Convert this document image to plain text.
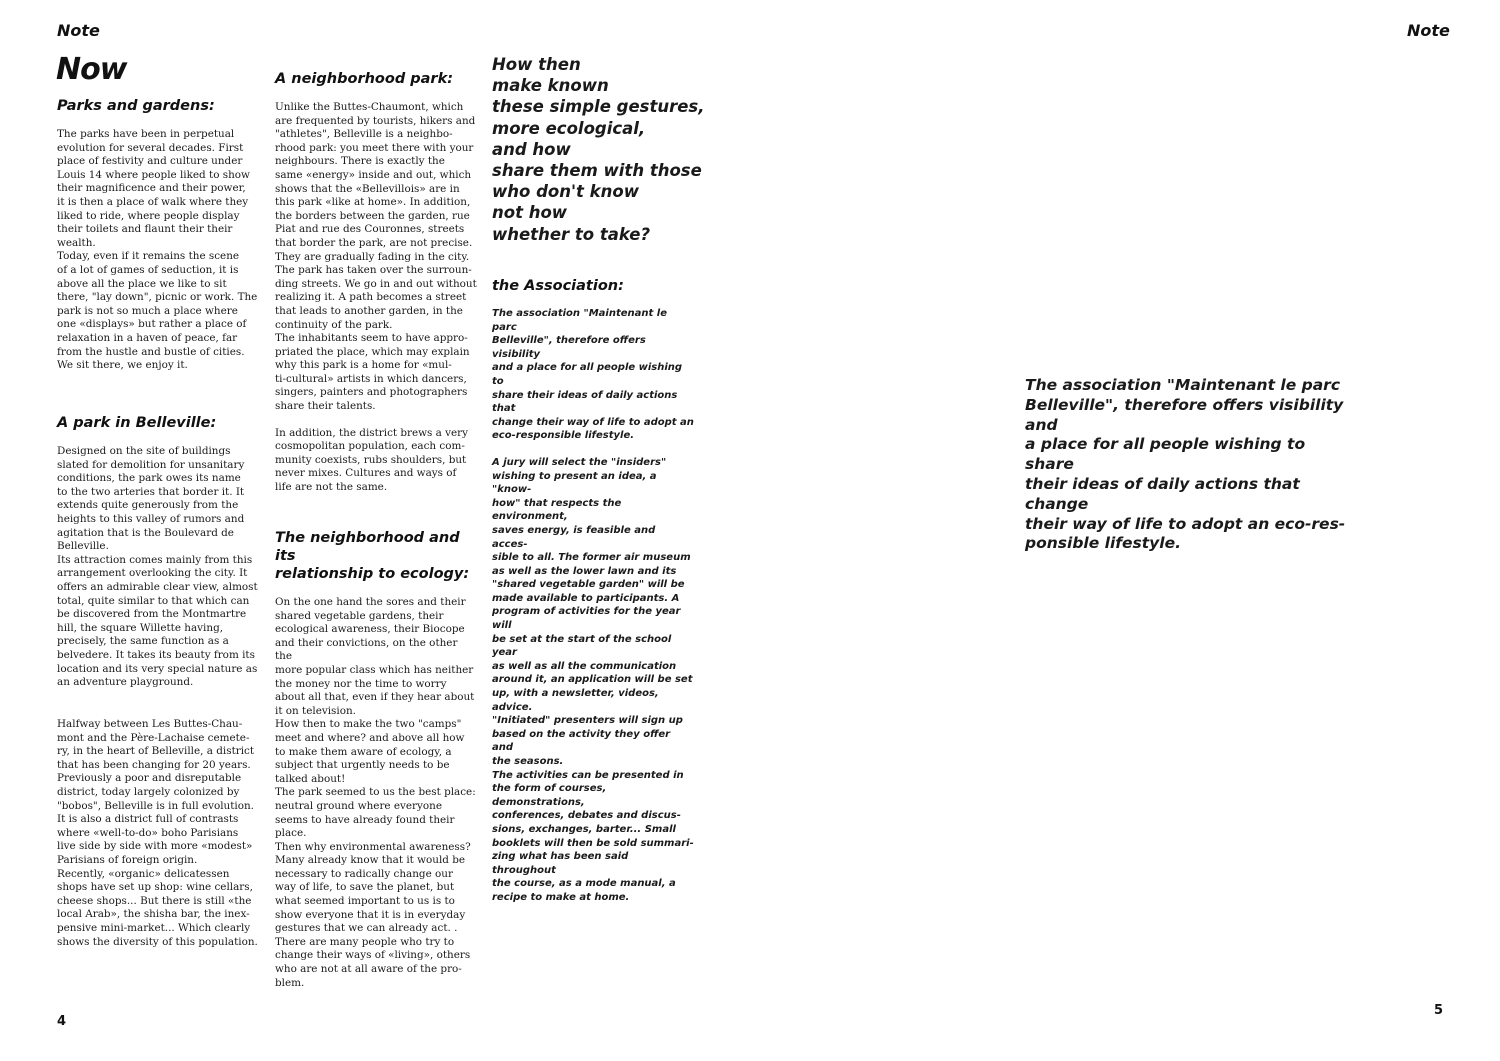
Note
Now
Parks and gardens:

The parks have been in perpetual
evolution for several decades. First
place of festivity and culture under
Louis 14 where people liked to show
their magnificence and their power,
it is then a place of walk where they
liked to ride, where people display
their toilets and flaunt their their
wealth.
Today, even if it remains the scene
of a lot of games of seduction, it is
above all the place we like to sit
there, "lay down", picnic or work. The
park is not so much a place where
one «displays» but rather a place of
relaxation in a haven of peace, far
from the hustle and bustle of cities.
We sit there, we enjoy it.

A park in Belleville:

Designed on the site of buildings
slated for demolition for unsanitary
conditions, the park owes its name
to the two arteries that border it. It
extends quite generously from the
heights to this valley of rumors and
agitation that is the Boulevard de
Belleville.
Its attraction comes mainly from this
arrangement overlooking the city. It
offers an admirable clear view, almost
total, quite similar to that which can
be discovered from the Montmartre
hill, the square Willette having,
precisely, the same function as a
belvedere. It takes its beauty from its
location and its very special nature as
an adventure playground.

Halfway between Les Buttes-Chau-
mont and the Père-Lachaise cemete-
ry, in the heart of Belleville, a district
that has been changing for 20 years.
Previously a poor and disreputable
district, today largely colonized by
"bobos", Belleville is in full evolution.
It is also a district full of contrasts
where «well-to-do» boho Parisians
live side by side with more «modest»
Parisians of foreign origin.
Recently, «organic» delicatessen
shops have set up shop: wine cellars,
cheese shops... But there is still «the
local Arab», the shisha bar, the inex-
pensive mini-market... Which clearly
shows the diversity of this population.

A neighborhood park:

Unlike the Buttes-Chaumont, which
are frequented by tourists, hikers and
"athletes", Belleville is a neighbo-
rhood park: you meet there with your
neighbours. There is exactly the
same «energy» inside and out, which
shows that the «Bellevillois» are in
this park «like at home». In addition,
the borders between the garden, rue
Piat and rue des Couronnes, streets
that border the park, are not precise.
They are gradually fading in the city.
The park has taken over the surroun-
ding streets. We go in and out without
realizing it. A path becomes a street
that leads to another garden, in the
continuity of the park.
The inhabitants seem to have appro-
priated the place, which may explain
why this park is a home for «mul-
ti-cultural» artists in which dancers,
singers, painters and photographers
share their talents.

In addition, the district brews a very
cosmopolitan population, each com-
munity coexists, rubs shoulders, but
never mixes. Cultures and ways of
life are not the same.

The neighborhood and its
relationship to ecology:

On the one hand the sores and their
shared vegetable gardens, their
ecological awareness, their Biocope
and their convictions, on the other the
more popular class which has neither
the money nor the time to worry
about all that, even if they hear about
it on television.
How then to make the two "camps"
meet and where? and above all how
to make them aware of ecology, a
subject that urgently needs to be
talked about!
The park seemed to us the best place:
neutral ground where everyone
seems to have already found their
place.
Then why environmental awareness?
Many already know that it would be
necessary to radically change our
way of life, to save the planet, but
what seemed important to us is to
show everyone that it is in everyday
gestures that we can already act. .
There are many people who try to
change their ways of «living», others
who are not at all aware of the pro-
blem.

How then
make known
these simple gestures,
more ecological,
and how
share them with those
who don't know
not how
whether to take?

the Association:

The association "Maintenant le parc
Belleville", therefore offers visibility
and a place for all people wishing to
share their ideas of daily actions that
change their way of life to adopt an
eco-responsible lifestyle.

A jury will select the "insiders"
wishing to present an idea, a "know-
how" that respects the environment,
saves energy, is feasible and acces-
sible to all. The former air museum
as well as the lower lawn and its
"shared vegetable garden" will be
made available to participants. A
program of activities for the year will
be set at the start of the school year
as well as all the communication
around it, an application will be set
up, with a newsletter, videos, advice.
"Initiated" presenters will sign up
based on the activity they offer and
the seasons.
The activities can be presented in
the form of courses, demonstrations,
conferences, debates and discus-
sions, exchanges, barter... Small
booklets will then be sold summari-
zing what has been said throughout
the course, as a mode manual, a
recipe to make at home.

4
Note

The association "Maintenant le parc
Belleville", therefore offers visibility and
a place for all people wishing to share
their ideas of daily actions that change
their way of life to adopt an eco-res-
ponsible lifestyle.

5
